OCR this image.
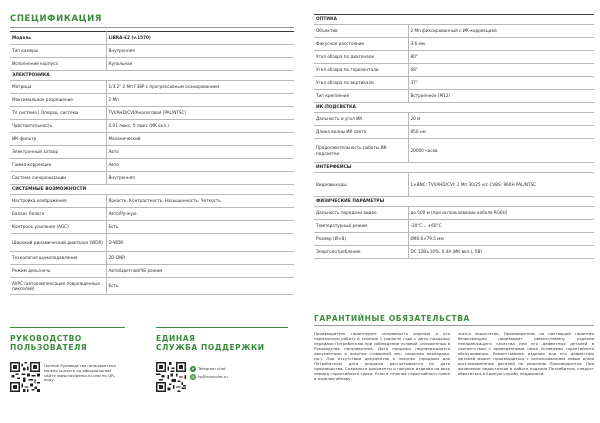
СПЕЦИФИКАЦИЯ
Модель	LIBRA-E2 (v.1570)
Тип камеры	Внутренняя
Исполнение корпуса	Купольная
ЭЛЕКТРОНИКА	
Матрица	1/3.2" 2 Мп F38P с прогрессивным сканированием
Максимальное разрешение	2 Мп
TV система | Операц. система	TVI/AHD/CVI/Аналоговая (PAL/NTSC)
Чувствительность	0.01 люкс, 0 люкс (ИК вкл.)
ИК-фильтр	Механический
Электронный затвор	Авто
Гамма-коррекция	Авто
Система синхронизации	Внутренняя
СИСТЕМНЫЕ ВОЗМОЖНОСТИ	
Настройка изображения	Яркость, Контрастность, Насыщенность, Четкость
Баланс белого	Авто/Ручную
Контроль усиления (AGC)	Есть
Широкий динамический диапазон (WDR)	D-WDR
Технология шумоподавления	2D-DNR
Режим день/ночь	Авто/Цветной/ЧБ режим
AVPC (автокомпенсация поврежденных пикселей)	Есть
ОПТИКА	
Объектив	2 Мп фиксированный с ИК-коррекцией
Фокусное расстояние	3.6 мм
Угол обзора по диагонали	80°
Угол обзора по горизонтали	68°
Угол обзора по вертикали	37°
Тип крепления	Встроенное (M12)
ИК-ПОДСВЕТКА	
Дальность и угол ИК	20 м
Длина волны ИК-света	850 нм
Продолжительность работы ИК-подсветки	20000 часов
ИНТЕРФЕЙСЫ	
Видеовыходы	1×BNC: TVI/AHD/CVI: 2 Мп 30/25 к/с CVBS: 960H PAL/NTSC
ФИЗИЧЕСКИЕ ПАРАМЕТРЫ	
Дальность передачи видео	до 500 м (при использовании кабеля RG6U)
Температурный режим	-20°C ...+60°C
Размер (Ø×В)	Ø90.6×79.5 мм
Энергопотребление	DC 12В±10%, 0.4А (ИК вкл.), 5Вт
РУКОВОДСТВО
ПОЛЬЗОВАТЕЛЯ
Полное Руководство пользователя можно скачать на официальном сайте www.novibemo.ru или по QR-коду.
ЕДИНАЯ
СЛУЖБА ПОДДЕРЖКИ
➤ Telegram chat
@ tp@novicam.ru
ГАРАНТИЙНЫЕ ОБЯЗАТЕЛЬСТВА
Производитель гарантирует исправность изделия и его нормальную работу в течение 1 (одного) года с даты продажи/передачи Потребителю при соблюдении условий, изложенных в Руководстве пользователя. Дата продажи подтверждается документами о покупке (товарный чек, товарная накладная, пр.). При отсутствии документов о покупке (продажи для Потребителя) дата продажи рассчитывается по дате производства. Сохраните документы о покупке изделия на весь период гарантийного срока. Если в течение гарантийного срока в изделии обнару-
жится недостаток, Производитель по настоящей гарантии безвозмездно производит ремонт/замену изделия ненадлежащего качества или его дефектных деталей в соответствии с приведенными ниже Условиями гарантийного обслуживания. Ремонт/замена изделия или его дефектных деталей может производиться с использованием новых и/или восстановленных деталей по решению Производителя. При выявлении недостатков в работе изделия Потребитель следует обратиться в Единую службу поддержки.
